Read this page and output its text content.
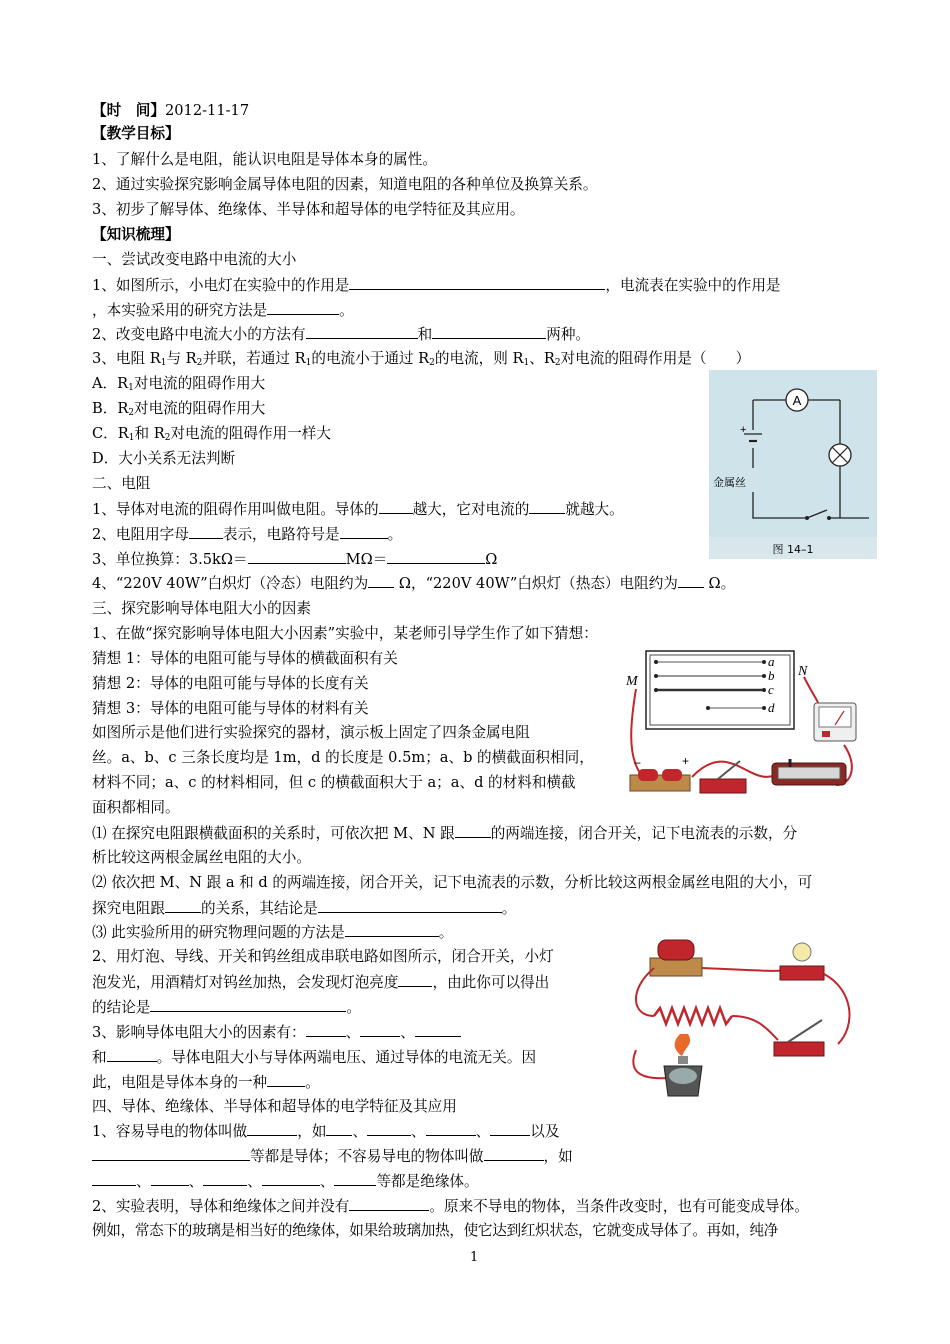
【时　间】2012-11-17
【教学目标】
1、了解什么是电阻，能认识电阻是导体本身的属性。
2、通过实验探究影响金属导体电阻的因素，知道电阻的各种单位及换算关系。
3、初步了解导体、绝缘体、半导体和超导体的电学特征及其应用。
【知识梳理】
一、尝试改变电路中电流的大小
1、如图所示，小电灯在实验中的作用是	，电流表在实验中的作用是
，本实验采用的研究方法是	。
2、改变电路中电流大小的方法有	和	两种。
3、电阻 $R_1$与 $R_2$并联，若通过 $R_1$的电流小于通过 $R_2$的电流，则 $R_1$、$R_2$对电流的阻碍作用是（　　）
A．$R_1$对电流的阻碍作用大
B．$R_2$对电流的阻碍作用大
C．$R_1$和 $R_2$对电流的阻碍作用一样大
D．大小关系无法判断
A
+
金属丝
图 14–1
二、电阻
1、导体对电流的阻碍作用叫做电阻。导体的 越大，它对电流的 就越大。
2、电阻用字母 表示，电路符号是	。
3、单位换算：3.5kΩ＝	MΩ＝	Ω
4、“220V 40W”白炽灯（冷态）电阻约为 Ω，“220V 40W”白炽灯（热态）电阻约为 Ω。
三、探究影响导体电阻大小的因素
1、在做“探究影响导体电阻大小因素”实验中，某老师引导学生作了如下猜想：
猜想 1：导体的电阻可能与导体的横截面积有关
猜想 2：导体的电阻可能与导体的长度有关
猜想 3：导体的电阻可能与导体的材料有关
如图所示是他们进行实验探究的器材，演示板上固定了四条金属电阻
丝。a、b、c 三条长度均是 1m，d 的长度是 0.5m；a、b 的横截面积相同，
材料不同；a、c 的材料相同，但 c 的横截面积大于 a；a、d 的材料和横截
面积都相同。
⑴ 在探究电阻跟横截面积的关系时，可依次把 M、N 跟 的两端连接，闭合开关，记下电流表的示数，分
析比较这两根金属丝电阻的大小。
⑵ 依次把 M、N 跟 a 和 d 的两端连接，闭合开关，记下电流表的示数，分析比较这两根金属丝电阻的大小，可
探究电阻跟 的关系，其结论是	。
⑶ 此实验所用的研究物理问题的方法是	。
2、用灯泡、导线、开关和钨丝组成串联电路如图所示，闭合开关，小灯
泡发光，用酒精灯对钨丝加热，会发现灯泡亮度 ，由此你可以得出
的结论是	。
3、影响导体电阻大小的因素有：	、	、
和	。导体电阻大小与导体两端电压、通过导体的电流无关。因
此，电阻是导体本身的一种	。
a
b
c
d
M
N
−	+
四、导体、绝缘体、半导体和超导体的电学特征及其应用
1、容易导电的物体叫做	，如 、	、	、	以及
等都是导体；不容易导电的物体叫做	，如
、	、	、	、	等都是绝缘体。
2、实验表明，导体和绝缘体之间并没有	。原来不导电的物体，当条件改变时，也有可能变成导体。
例如，常态下的玻璃是相当好的绝缘体，如果给玻璃加热，使它达到红炽状态，它就变成导体了。再如，纯净
1
